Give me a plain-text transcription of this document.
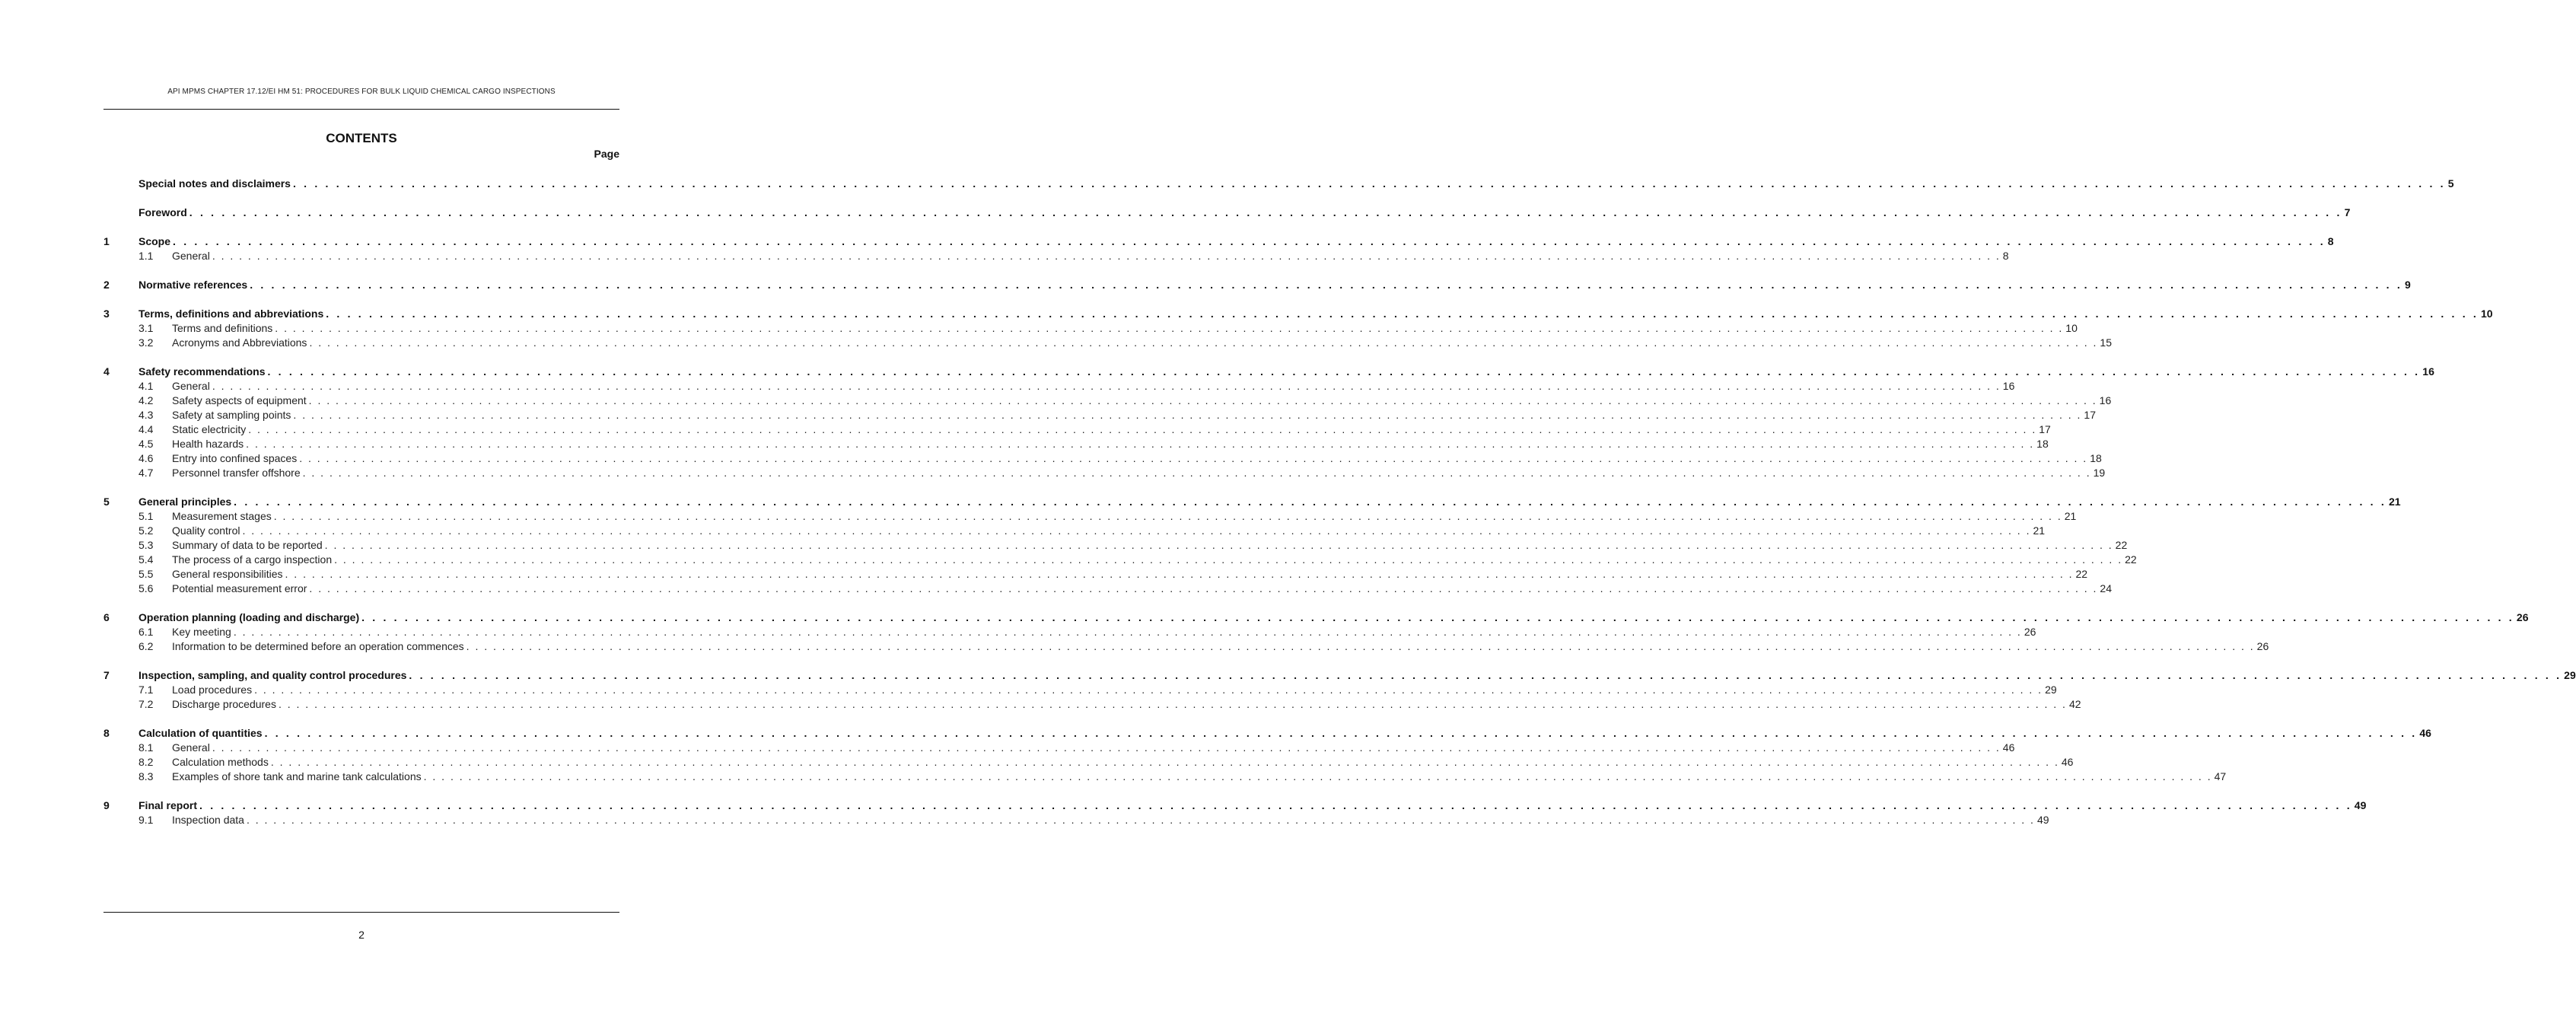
API MPMS CHAPTER 17.12/EI HM 51: PROCEDURES FOR BULK LIQUID CHEMICAL CARGO INSPECTIONS
CONTENTS
Page
Special notes and disclaimers . . . . . . . . . . . . . . . . . . . . . . . . . . . . . . . . . . . . . . . . . . . . . . . . . . . . . . . . . . . . . . . . . . . . . . . . . . . . . . . . . . . . . . . . . . . . . . . . . . . . . . . . . . . . . . . . . . . . . . . . . . . . . . . . . . . . . . . . . . . . . . . . . . . . . . . . . . . . . . . . . . . . . . . . . . . . . . . . . . . . . . . . . . . . . . . . . . . . . . . . 5
Foreword . . . . . . . . . . . . . . . . . . . . . . . . . . . . . . . . . . . . . . . . . . . . . . . . . . . . . . . . . . . . . . . . . . . . . . . . . . . . . . . . . . . . . . . . . . . . . . . . . . . . . . . . . . . . . . . . . . . . . . . . . . . . . . . . . . . . . . . . . . . . . . . . . . . . . . . . . . . . . . . . . . . . . . . . . . . . . . . . . . . . . . . . . . . . . . . . . . . . . . . . 7
1	Scope . . . . . . . . . . . . . . . . . . . . . . . . . . . . . . . . . . . . . . . . . . . . . . . . . . . . . . . . . . . . . . . . . . . . . . . . . . . . . . . . . . . . . . . . . . . . . . . . . . . . . . . . . . . . . . . . . . . . . . . . . . . . . . . . . . . . . . . . . . . . . . . . . . . . . . . . . . . . . . . . . . . . . . . . . . . . . . . . . . . . . . . . . . . . . . . . . . . . . . . . 8
1.1 General . . . . . . . . . . . . . . . . . . . . . . . . . . . . . . . . . . . . . . . . . . . . . . . . . . . . . . . . . . . . . . . . . . . . . . . . . . . . . . . . . . . . . . . . . . . . . . . . . . . . . . . . . . . . . . . . . . . . . . . . . . . . . . . . . . . . . . . . . . . . . . . . . . . . . . . . . . . . . . . . . . . . . . . . . . . . . . . . . . . . . . . . . . . . . . . . . . . . . . . . 8
2	Normative references . . . . . . . . . . . . . . . . . . . . . . . . . . . . . . . . . . . . . . . . . . . . . . . . . . . . . . . . . . . . . . . . . . . . . . . . . . . . . . . . . . . . . . . . . . . . . . . . . . . . . . . . . . . . . . . . . . . . . . . . . . . . . . . . . . . . . . . . . . . . . . . . . . . . . . . . . . . . . . . . . . . . . . . . . . . . . . . . . . . . . . . . . . . . . . . . . . . . . . . . 9
3	Terms, definitions and abbreviations . . . . . . . . . . . . . . . . . . . . . . . . . . . . . . . . . . . . . . . . . . . . . . . . . . . . . . . . . . . . . . . . . . . . . . . . . . . . . . . . . . . . . . . . . . . . . . . . . . . . . . . . . . . . . . . . . . . . . . . . . . . . . . . . . . . . . . . . . . . . . . . . . . . . . . . . . . . . . . . . . . . . . . . . . . . . . . . . . . . . . . . . . . . . . . . . . . . . . . . . 10
3.1 Terms and definitions . . . . . . . . . . . . . . . . . . . . . . . . . . . . . . . . . . . . . . . . . . . . . . . . . . . . . . . . . . . . . . . . . . . . . . . . . . . . . . . . . . . . . . . . . . . . . . . . . . . . . . . . . . . . . . . . . . . . . . . . . . . . . . . . . . . . . . . . . . . . . . . . . . . . . . . . . . . . . . . . . . . . . . . . . . . . . . . . . . . . . . . . . . . . . . . . . . . . . . . . 10
3.2 Acronyms and Abbreviations . . . . . . . . . . . . . . . . . . . . . . . . . . . . . . . . . . . . . . . . . . . . . . . . . . . . . . . . . . . . . . . . . . . . . . . . . . . . . . . . . . . . . . . . . . . . . . . . . . . . . . . . . . . . . . . . . . . . . . . . . . . . . . . . . . . . . . . . . . . . . . . . . . . . . . . . . . . . . . . . . . . . . . . . . . . . . . . . . . . . . . . . . . . . . . . . . . . . . . . . 15
4	Safety recommendations . . . . . . . . . . . . . . . . . . . . . . . . . . . . . . . . . . . . . . . . . . . . . . . . . . . . . . . . . . . . . . . . . . . . . . . . . . . . . . . . . . . . . . . . . . . . . . . . . . . . . . . . . . . . . . . . . . . . . . . . . . . . . . . . . . . . . . . . . . . . . . . . . . . . . . . . . . . . . . . . . . . . . . . . . . . . . . . . . . . . . . . . . . . . . . . . . . . . . . . . 16
4.1 General . . . . . . . . . . . . . . . . . . . . . . . . . . . . . . . . . . . . . . . . . . . . . . . . . . . . . . . . . . . . . . . . . . . . . . . . . . . . . . . . . . . . . . . . . . . . . . . . . . . . . . . . . . . . . . . . . . . . . . . . . . . . . . . . . . . . . . . . . . . . . . . . . . . . . . . . . . . . . . . . . . . . . . . . . . . . . . . . . . . . . . . . . . . . . . . . . . . . . . . . 16
4.2 Safety aspects of equipment . . . . . . . . . . . . . . . . . . . . . . . . . . . . . . . . . . . . . . . . . . . . . . . . . . . . . . . . . . . . . . . . . . . . . . . . . . . . . . . . . . . . . . . . . . . . . . . . . . . . . . . . . . . . . . . . . . . . . . . . . . . . . . . . . . . . . . . . . . . . . . . . . . . . . . . . . . . . . . . . . . . . . . . . . . . . . . . . . . . . . . . . . . . . . . . . . . . . . . . . 16
4.3 Safety at sampling points . . . . . . . . . . . . . . . . . . . . . . . . . . . . . . . . . . . . . . . . . . . . . . . . . . . . . . . . . . . . . . . . . . . . . . . . . . . . . . . . . . . . . . . . . . . . . . . . . . . . . . . . . . . . . . . . . . . . . . . . . . . . . . . . . . . . . . . . . . . . . . . . . . . . . . . . . . . . . . . . . . . . . . . . . . . . . . . . . . . . . . . . . . . . . . . . . . . . . . . . 17
4.4 Static electricity . . . . . . . . . . . . . . . . . . . . . . . . . . . . . . . . . . . . . . . . . . . . . . . . . . . . . . . . . . . . . . . . . . . . . . . . . . . . . . . . . . . . . . . . . . . . . . . . . . . . . . . . . . . . . . . . . . . . . . . . . . . . . . . . . . . . . . . . . . . . . . . . . . . . . . . . . . . . . . . . . . . . . . . . . . . . . . . . . . . . . . . . . . . . . . . . . . . . . . . . 17
4.5 Health hazards . . . . . . . . . . . . . . . . . . . . . . . . . . . . . . . . . . . . . . . . . . . . . . . . . . . . . . . . . . . . . . . . . . . . . . . . . . . . . . . . . . . . . . . . . . . . . . . . . . . . . . . . . . . . . . . . . . . . . . . . . . . . . . . . . . . . . . . . . . . . . . . . . . . . . . . . . . . . . . . . . . . . . . . . . . . . . . . . . . . . . . . . . . . . . . . . . . . . . . . . 18
4.6 Entry into confined spaces . . . . . . . . . . . . . . . . . . . . . . . . . . . . . . . . . . . . . . . . . . . . . . . . . . . . . . . . . . . . . . . . . . . . . . . . . . . . . . . . . . . . . . . . . . . . . . . . . . . . . . . . . . . . . . . . . . . . . . . . . . . . . . . . . . . . . . . . . . . . . . . . . . . . . . . . . . . . . . . . . . . . . . . . . . . . . . . . . . . . . . . . . . . . . . . . . . . . . . . . 18
4.7 Personnel transfer offshore . . . . . . . . . . . . . . . . . . . . . . . . . . . . . . . . . . . . . . . . . . . . . . . . . . . . . . . . . . . . . . . . . . . . . . . . . . . . . . . . . . . . . . . . . . . . . . . . . . . . . . . . . . . . . . . . . . . . . . . . . . . . . . . . . . . . . . . . . . . . . . . . . . . . . . . . . . . . . . . . . . . . . . . . . . . . . . . . . . . . . . . . . . . . . . . . . . . . . . . . 19
5	General principles . . . . . . . . . . . . . . . . . . . . . . . . . . . . . . . . . . . . . . . . . . . . . . . . . . . . . . . . . . . . . . . . . . . . . . . . . . . . . . . . . . . . . . . . . . . . . . . . . . . . . . . . . . . . . . . . . . . . . . . . . . . . . . . . . . . . . . . . . . . . . . . . . . . . . . . . . . . . . . . . . . . . . . . . . . . . . . . . . . . . . . . . . . . . . . . . . . . . . . . . 21
5.1 Measurement stages . . . . . . . . . . . . . . . . . . . . . . . . . . . . . . . . . . . . . . . . . . . . . . . . . . . . . . . . . . . . . . . . . . . . . . . . . . . . . . . . . . . . . . . . . . . . . . . . . . . . . . . . . . . . . . . . . . . . . . . . . . . . . . . . . . . . . . . . . . . . . . . . . . . . . . . . . . . . . . . . . . . . . . . . . . . . . . . . . . . . . . . . . . . . . . . . . . . . . . . . 21
5.2 Quality control . . . . . . . . . . . . . . . . . . . . . . . . . . . . . . . . . . . . . . . . . . . . . . . . . . . . . . . . . . . . . . . . . . . . . . . . . . . . . . . . . . . . . . . . . . . . . . . . . . . . . . . . . . . . . . . . . . . . . . . . . . . . . . . . . . . . . . . . . . . . . . . . . . . . . . . . . . . . . . . . . . . . . . . . . . . . . . . . . . . . . . . . . . . . . . . . . . . . . . . . 21
5.3 Summary of data to be reported . . . . . . . . . . . . . . . . . . . . . . . . . . . . . . . . . . . . . . . . . . . . . . . . . . . . . . . . . . . . . . . . . . . . . . . . . . . . . . . . . . . . . . . . . . . . . . . . . . . . . . . . . . . . . . . . . . . . . . . . . . . . . . . . . . . . . . . . . . . . . . . . . . . . . . . . . . . . . . . . . . . . . . . . . . . . . . . . . . . . . . . . . . . . . . . . . . . . . . . . 22
5.4 The process of a cargo inspection . . . . . . . . . . . . . . . . . . . . . . . . . . . . . . . . . . . . . . . . . . . . . . . . . . . . . . . . . . . . . . . . . . . . . . . . . . . . . . . . . . . . . . . . . . . . . . . . . . . . . . . . . . . . . . . . . . . . . . . . . . . . . . . . . . . . . . . . . . . . . . . . . . . . . . . . . . . . . . . . . . . . . . . . . . . . . . . . . . . . . . . . . . . . . . . . . . . . . . . . 22
5.5 General responsibilities . . . . . . . . . . . . . . . . . . . . . . . . . . . . . . . . . . . . . . . . . . . . . . . . . . . . . . . . . . . . . . . . . . . . . . . . . . . . . . . . . . . . . . . . . . . . . . . . . . . . . . . . . . . . . . . . . . . . . . . . . . . . . . . . . . . . . . . . . . . . . . . . . . . . . . . . . . . . . . . . . . . . . . . . . . . . . . . . . . . . . . . . . . . . . . . . . . . . . . . . 22
5.6 Potential measurement error . . . . . . . . . . . . . . . . . . . . . . . . . . . . . . . . . . . . . . . . . . . . . . . . . . . . . . . . . . . . . . . . . . . . . . . . . . . . . . . . . . . . . . . . . . . . . . . . . . . . . . . . . . . . . . . . . . . . . . . . . . . . . . . . . . . . . . . . . . . . . . . . . . . . . . . . . . . . . . . . . . . . . . . . . . . . . . . . . . . . . . . . . . . . . . . . . . . . . . . . 24
6	Operation planning (loading and discharge) . . . . . . . . . . . . . . . . . . . . . . . . . . . . . . . . . . . . . . . . . . . . . . . . . . . . . . . . . . . . . . . . . . . . . . . . . . . . . . . . . . . . . . . . . . . . . . . . . . . . . . . . . . . . . . . . . . . . . . . . . . . . . . . . . . . . . . . . . . . . . . . . . . . . . . . . . . . . . . . . . . . . . . . . . . . . . . . . . . . . . . . . . . . . . . . . . . . . . . . . 26
6.1 Key meeting . . . . . . . . . . . . . . . . . . . . . . . . . . . . . . . . . . . . . . . . . . . . . . . . . . . . . . . . . . . . . . . . . . . . . . . . . . . . . . . . . . . . . . . . . . . . . . . . . . . . . . . . . . . . . . . . . . . . . . . . . . . . . . . . . . . . . . . . . . . . . . . . . . . . . . . . . . . . . . . . . . . . . . . . . . . . . . . . . . . . . . . . . . . . . . . . . . . . . . . . 26
6.2 Information to be determined before an operation commences . . . . . . . . . . . . . . . . . . . . . . . . . . . . . . . . . . . . . . . . . . . . . . . . . . . . . . . . . . . . . . . . . . . . . . . . . . . . . . . . . . . . . . . . . . . . . . . . . . . . . . . . . . . . . . . . . . . . . . . . . . . . . . . . . . . . . . . . . . . . . . . . . . . . . . . . . . . . . . . . . . . . . . . . . . . . . . . . . . . . . . . . . . . . . . . . . . . . . . . . 26
7	Inspection, sampling, and quality control procedures . . . . . . . . . . . . . . . . . . . . . . . . . . . . . . . . . . . . . . . . . . . . . . . . . . . . . . . . . . . . . . . . . . . . . . . . . . . . . . . . . . . . . . . . . . . . . . . . . . . . . . . . . . . . . . . . . . . . . . . . . . . . . . . . . . . . . . . . . . . . . . . . . . . . . . . . . . . . . . . . . . . . . . . . . . . . . . . . . . . . . . . . . . . . . . . . . . . . . . . . 29
7.1 Load procedures . . . . . . . . . . . . . . . . . . . . . . . . . . . . . . . . . . . . . . . . . . . . . . . . . . . . . . . . . . . . . . . . . . . . . . . . . . . . . . . . . . . . . . . . . . . . . . . . . . . . . . . . . . . . . . . . . . . . . . . . . . . . . . . . . . . . . . . . . . . . . . . . . . . . . . . . . . . . . . . . . . . . . . . . . . . . . . . . . . . . . . . . . . . . . . . . . . . . . . . . 29
7.2 Discharge procedures . . . . . . . . . . . . . . . . . . . . . . . . . . . . . . . . . . . . . . . . . . . . . . . . . . . . . . . . . . . . . . . . . . . . . . . . . . . . . . . . . . . . . . . . . . . . . . . . . . . . . . . . . . . . . . . . . . . . . . . . . . . . . . . . . . . . . . . . . . . . . . . . . . . . . . . . . . . . . . . . . . . . . . . . . . . . . . . . . . . . . . . . . . . . . . . . . . . . . . . . 42
8	Calculation of quantities . . . . . . . . . . . . . . . . . . . . . . . . . . . . . . . . . . . . . . . . . . . . . . . . . . . . . . . . . . . . . . . . . . . . . . . . . . . . . . . . . . . . . . . . . . . . . . . . . . . . . . . . . . . . . . . . . . . . . . . . . . . . . . . . . . . . . . . . . . . . . . . . . . . . . . . . . . . . . . . . . . . . . . . . . . . . . . . . . . . . . . . . . . . . . . . . . . . . . . . . 46
8.1 General . . . . . . . . . . . . . . . . . . . . . . . . . . . . . . . . . . . . . . . . . . . . . . . . . . . . . . . . . . . . . . . . . . . . . . . . . . . . . . . . . . . . . . . . . . . . . . . . . . . . . . . . . . . . . . . . . . . . . . . . . . . . . . . . . . . . . . . . . . . . . . . . . . . . . . . . . . . . . . . . . . . . . . . . . . . . . . . . . . . . . . . . . . . . . . . . . . . . . . . . 46
8.2 Calculation methods . . . . . . . . . . . . . . . . . . . . . . . . . . . . . . . . . . . . . . . . . . . . . . . . . . . . . . . . . . . . . . . . . . . . . . . . . . . . . . . . . . . . . . . . . . . . . . . . . . . . . . . . . . . . . . . . . . . . . . . . . . . . . . . . . . . . . . . . . . . . . . . . . . . . . . . . . . . . . . . . . . . . . . . . . . . . . . . . . . . . . . . . . . . . . . . . . . . . . . . . 46
8.3 Examples of shore tank and marine tank calculations . . . . . . . . . . . . . . . . . . . . . . . . . . . . . . . . . . . . . . . . . . . . . . . . . . . . . . . . . . . . . . . . . . . . . . . . . . . . . . . . . . . . . . . . . . . . . . . . . . . . . . . . . . . . . . . . . . . . . . . . . . . . . . . . . . . . . . . . . . . . . . . . . . . . . . . . . . . . . . . . . . . . . . . . . . . . . . . . . . . . . . . . . . . . . . . . . . . . . . . . 47
9	Final report . . . . . . . . . . . . . . . . . . . . . . . . . . . . . . . . . . . . . . . . . . . . . . . . . . . . . . . . . . . . . . . . . . . . . . . . . . . . . . . . . . . . . . . . . . . . . . . . . . . . . . . . . . . . . . . . . . . . . . . . . . . . . . . . . . . . . . . . . . . . . . . . . . . . . . . . . . . . . . . . . . . . . . . . . . . . . . . . . . . . . . . . . . . . . . . . . . . . . . . . 49
9.1 Inspection data . . . . . . . . . . . . . . . . . . . . . . . . . . . . . . . . . . . . . . . . . . . . . . . . . . . . . . . . . . . . . . . . . . . . . . . . . . . . . . . . . . . . . . . . . . . . . . . . . . . . . . . . . . . . . . . . . . . . . . . . . . . . . . . . . . . . . . . . . . . . . . . . . . . . . . . . . . . . . . . . . . . . . . . . . . . . . . . . . . . . . . . . . . . . . . . . . . . . . . . . 49
2
